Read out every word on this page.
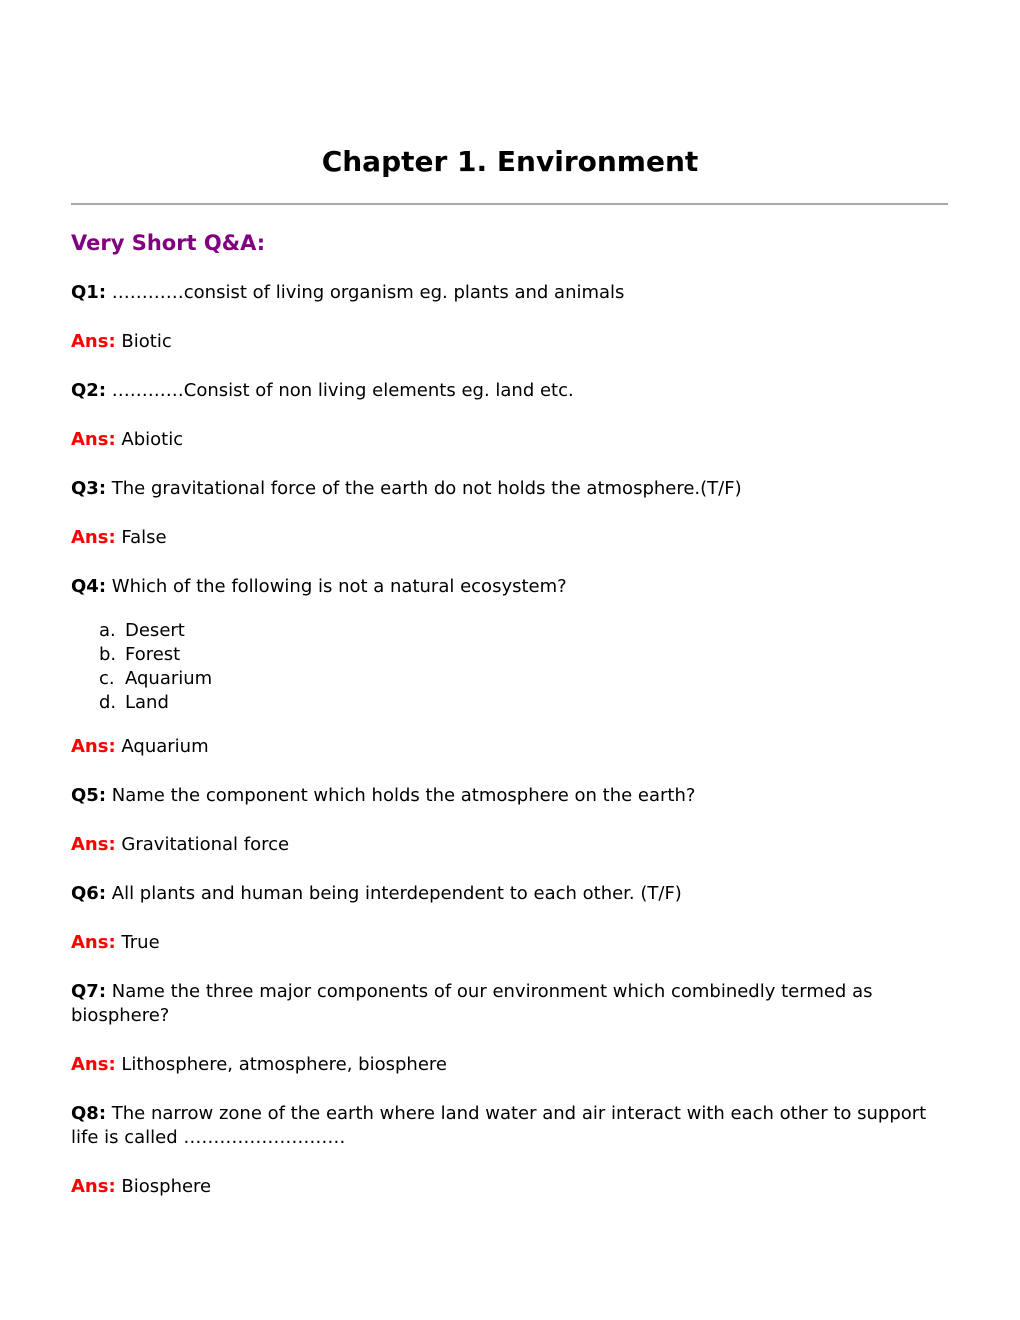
Chapter 1. Environment
Very Short Q&A:

Q1: …………consist of living organism eg. plants and animals

Ans: Biotic

Q2: …………Consist of non living elements eg. land etc.

Ans: Abiotic

Q3: The gravitational force of the earth do not holds the atmosphere.(T/F)

Ans: False

Q4: Which of the following is not a natural ecosystem?

a. Desert
b. Forest
c. Aquarium
d. Land

Ans: Aquarium

Q5: Name the component which holds the atmosphere on the earth?

Ans: Gravitational force

Q6: All plants and human being interdependent to each other. (T/F)

Ans: True

Q7: Name the three major components of our environment which combinedly termed as biosphere?

Ans: Lithosphere, atmosphere, biosphere

Q8: The narrow zone of the earth where land water and air interact with each other to support life is called ………………………

Ans: Biosphere
